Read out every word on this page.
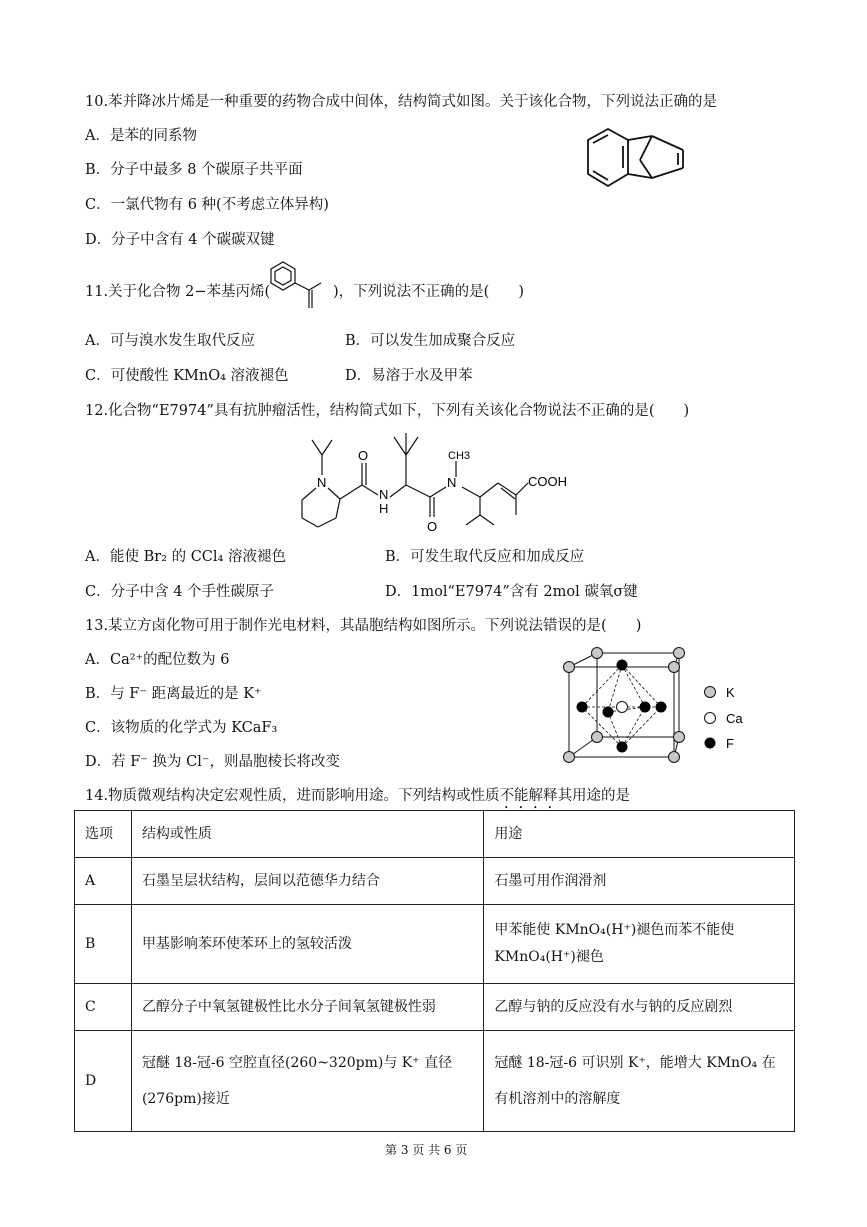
10.苯并降冰片烯是一种重要的药物合成中间体，结构简式如图。关于该化合物，下列说法正确的是
A．是苯的同系物
B．分子中最多 8 个碳原子共平面
C．一氯代物有 6 种(不考虑立体异构)
D．分子中含有 4 个碳碳双键
11.关于化合物 2−苯基丙烯(	)，下列说法不正确的是(　　)
A．可与溴水发生取代反应	B．可以发生加成聚合反应
C．可使酸性 KMnO₄ 溶液褪色	D．易溶于水及甲苯
12.化合物“E7974”具有抗肿瘤活性，结构简式如下，下列有关该化合物说法不正确的是(　　)
N
O
N
H
O
N
CH3
COOH
A．能使 Br₂ 的 CCl₄ 溶液褪色	B．可发生取代反应和加成反应
C．分子中含 4 个手性碳原子	D．1mol“E7974”含有 2mol 碳氧σ键
13.某立方卤化物可用于制作光电材料，其晶胞结构如图所示。下列说法错误的是(　　)
A．Ca²⁺的配位数为 6
B．与 F⁻ 距离最近的是 K⁺
C．该物质的化学式为 KCaF₃
D．若 F⁻ 换为 Cl⁻，则晶胞棱长将改变
K
Ca
F
14.物质微观结构决定宏观性质，进而影响用途。下列结构或性质不能解释其用途的是
选项	结构或性质	用途
A	石墨呈层状结构，层间以范德华力结合	石墨可用作润滑剂
B	甲基影响苯环使苯环上的氢较活泼	甲苯能使 KMnO₄(H⁺)褪色而苯不能使 KMnO₄(H⁺)褪色
C	乙醇分子中氧氢键极性比水分子间氧氢键极性弱	乙醇与钠的反应没有水与钠的反应剧烈
D	冠醚 18-冠-6 空腔直径(260~320pm)与 K⁺ 直径(276pm)接近	冠醚 18-冠-6 可识别 K⁺，能增大 KMnO₄ 在有机溶剂中的溶解度
第 3 页 共 6 页
